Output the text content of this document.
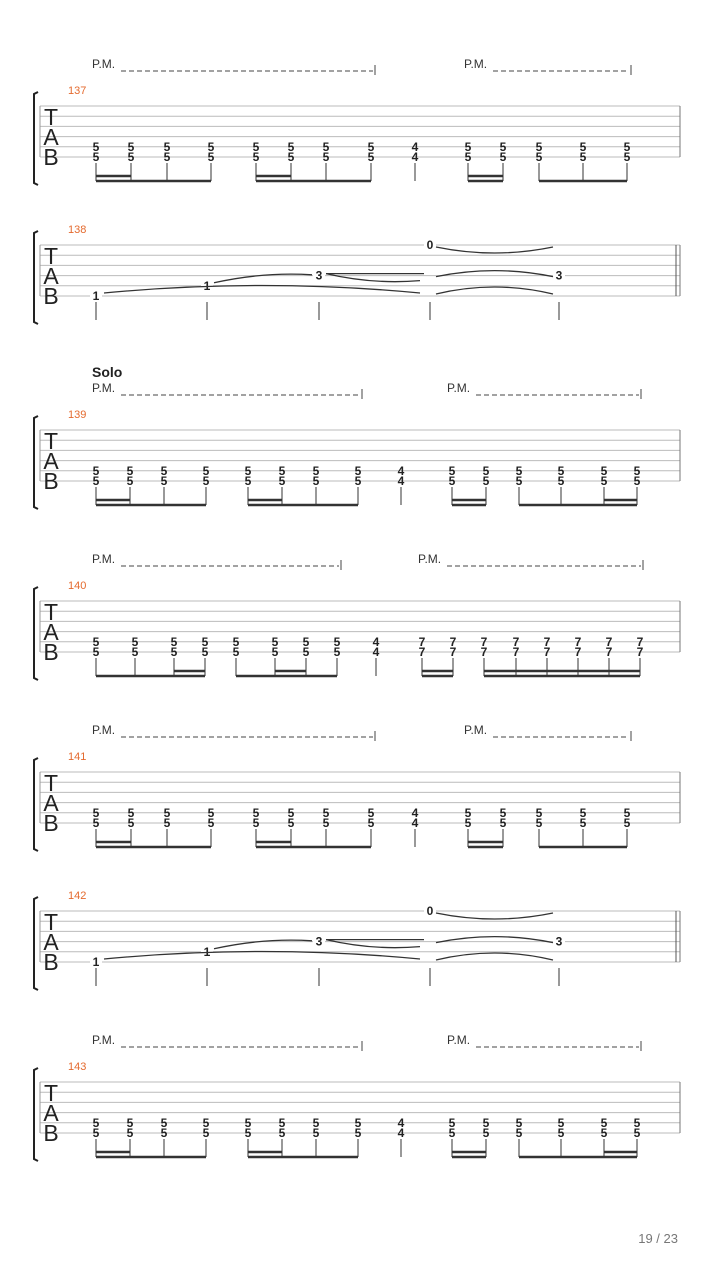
T
A
B
137
5
5
5
5
5
5
5
5
5
5
5
5
5
5
5
5
4
4
5
5
5
5
5
5
5
5
5
5
P.M.	P.M.
T
A
B
138
1
1
3
0
3
T
A
B
139
Solo
5
5
5
5
5
5
5
5
5
5
5
5
5
5
5
5
4
4
5
5
5
5
5
5
5
5
5
5
5
5
P.M.	P.M.
T
A
B
140
5
5
5
5
5
5
5
5
5
5
5
5
5
5
5
5
4
4
7
7
7
7
7
7
7
7
7
7
7
7
7
7
7
7
P.M.	P.M.
T
A
B
141
5
5
5
5
5
5
5
5
5
5
5
5
5
5
5
5
4
4
5
5
5
5
5
5
5
5
5
5
P.M.	P.M.
T
A
B
142
1
1
3
0
3
T
A
B
143
5
5
5
5
5
5
5
5
5
5
5
5
5
5
5
5
4
4
5
5
5
5
5
5
5
5
5
5
5
5
P.M.	P.M.
19 / 23
